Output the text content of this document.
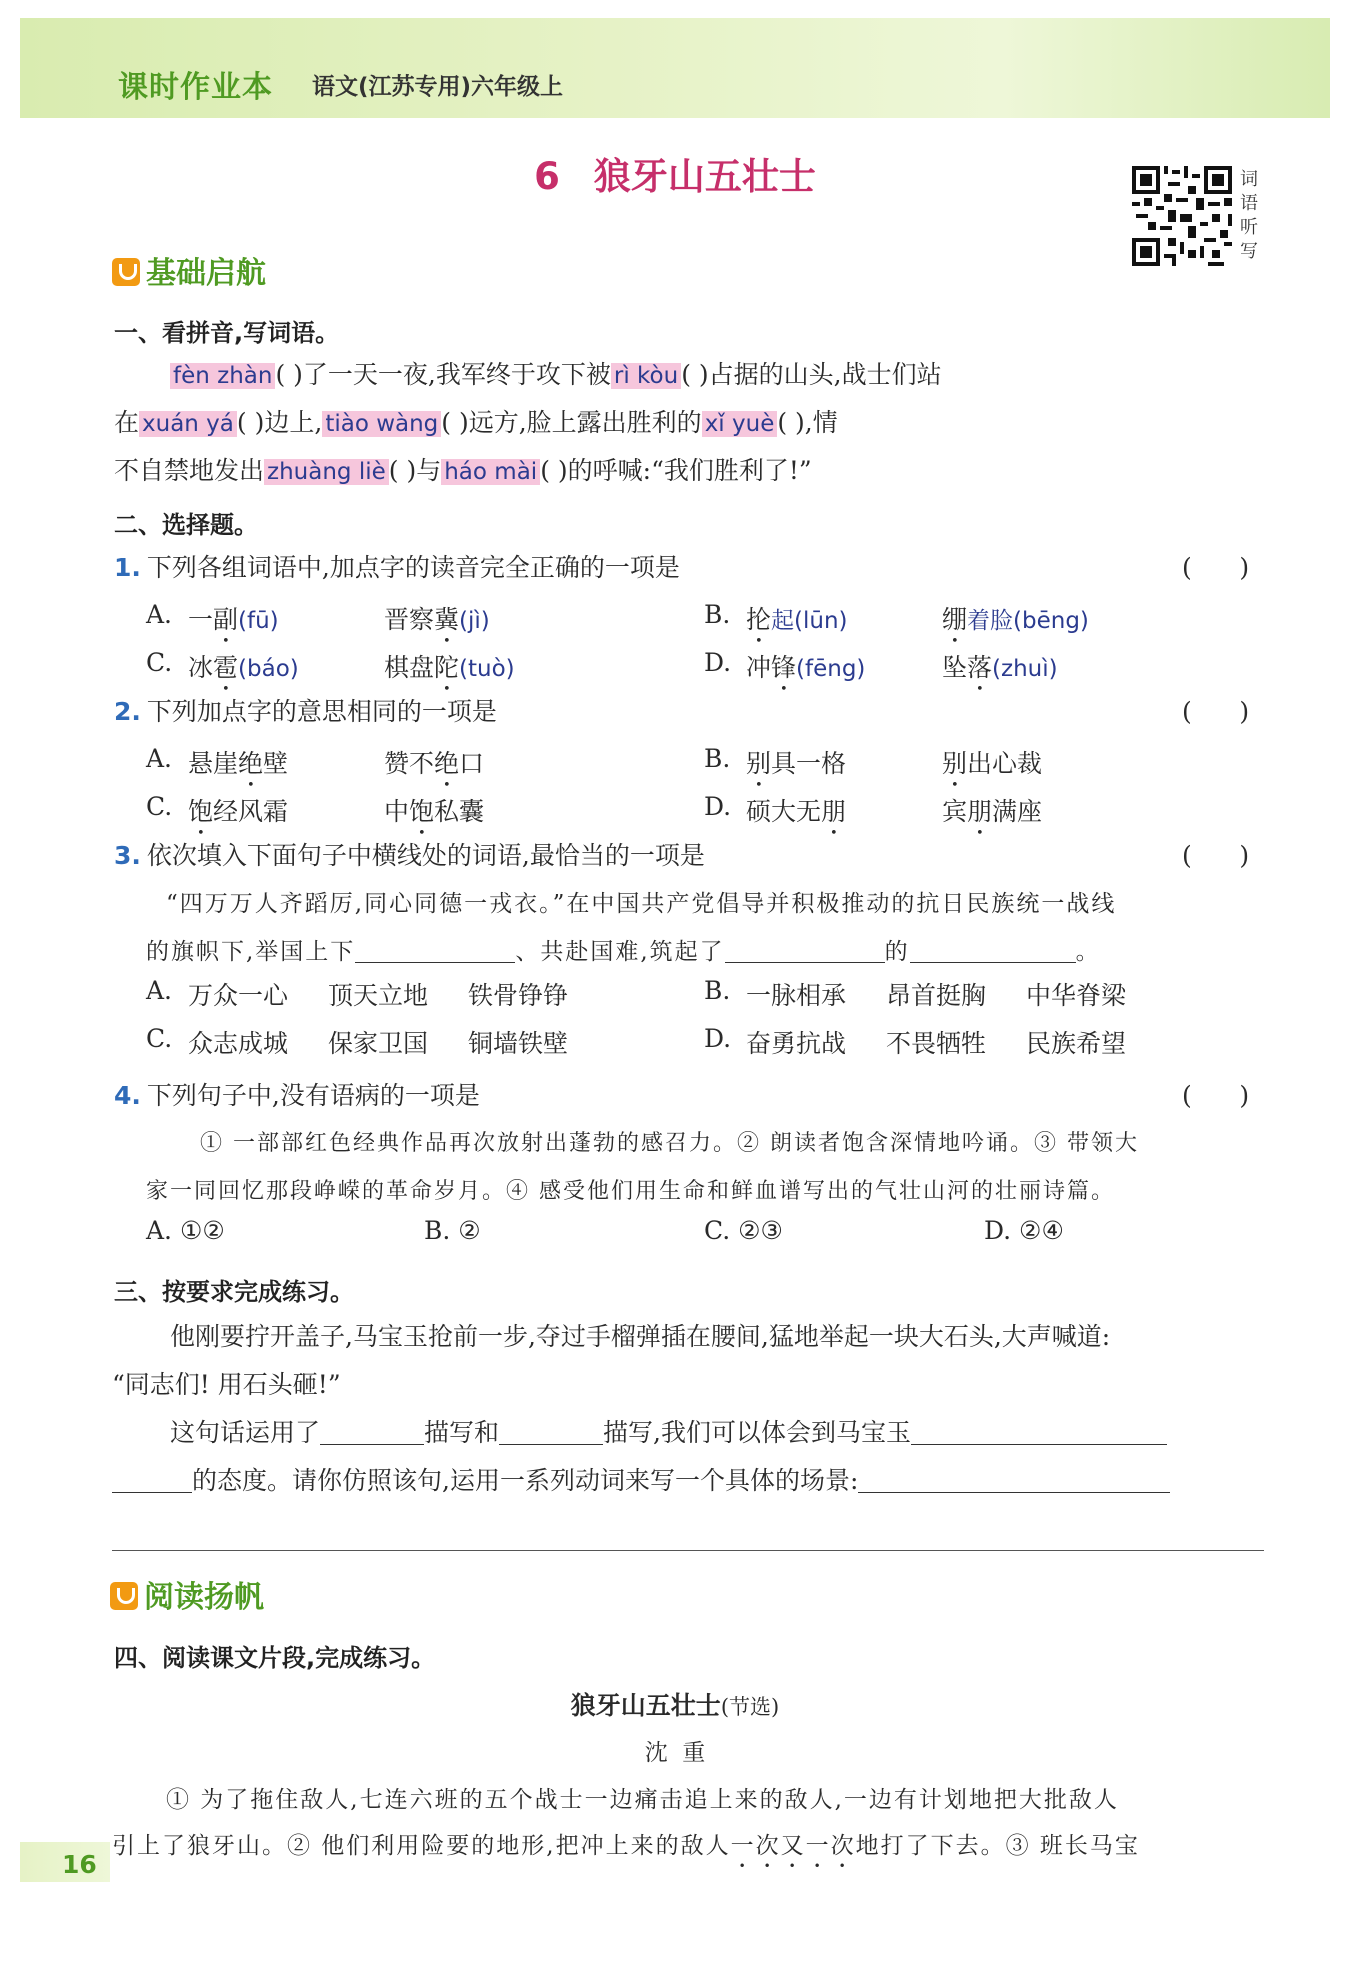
课时作业本 语文(江苏专用)六年级上
6 狼牙山五壮士	词语听写
基础启航
一、看拼音,写词语。
fèn zhàn ( )了一天一夜,我军终于攻下被 rì kòu ( )占据的山头,战士们站
在 xuán yá ( )边上, tiào wàng ( )远方,脸上露出胜利的 xǐ yuè ( ),情
不自禁地发出 zhuàng liè ( )与 háo mài ( )的呼喊:“我们胜利了!”
二、选择题。
1. 下列各组词语中,加点字的读音完全正确的一项是	(      )
A. 一副(fū)	晋察冀(jì)	B. 抡起(lūn)	绷着脸(bēng)
C. 冰雹(báo)	棋盘陀(tuò)	D. 冲锋(fēng)	坠落(zhuì)
2. 下列加点字的意思相同的一项是	(      )
A. 悬崖绝壁	赞不绝口	B. 别具一格	别出心裁
C. 饱经风霜	中饱私囊	D. 硕大无朋	宾朋满座
3. 依次填入下面句子中横线处的词语,最恰当的一项是	(      )
“四万万人齐蹈厉,同心同德一戎衣。”在中国共产党倡导并积极推动的抗日民族统一战线
的旗帜下,举国上下	、共赴国难,筑起了	的	。
A. 万众一心 顶天立地 铁骨铮铮	B. 一脉相承 昂首挺胸 中华脊梁
C. 众志成城 保家卫国 铜墙铁壁	D. 奋勇抗战 不畏牺牲 民族希望
4. 下列句子中,没有语病的一项是	(      )
① 一部部红色经典作品再次放射出蓬勃的感召力。② 朗读者饱含深情地吟诵。③ 带领大
家一同回忆那段峥嵘的革命岁月。④ 感受他们用生命和鲜血谱写出的气壮山河的壮丽诗篇。
A. ①②	B. ②	C. ②③	D. ②④
三、按要求完成练习。
他刚要拧开盖子,马宝玉抢前一步,夺过手榴弹插在腰间,猛地举起一块大石头,大声喊道:
“同志们! 用石头砸!”
这句话运用了	描写和	描写,我们可以体会到马宝玉
的态度。请你仿照该句,运用一系列动词来写一个具体的场景:
阅读扬帆
四、阅读课文片段,完成练习。
狼牙山五壮士(节选)
沈  重
① 为了拖住敌人,七连六班的五个战士一边痛击追上来的敌人,一边有计划地把大批敌人
引上了狼牙山。② 他们利用险要的地形,把冲上来的敌人一次又一次地打了下去。③ 班长马宝
16
